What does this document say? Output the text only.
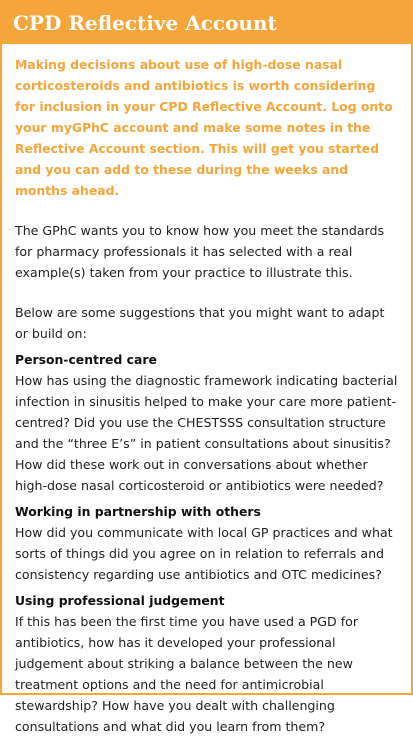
CPD Reflective Account

Making decisions about use of high-dose nasal corticosteroids and antibiotics is worth considering for inclusion in your CPD Reflective Account. Log onto your myGPhC account and make some notes in the Reflective Account section. This will get you started and you can add to these during the weeks and months ahead.

The GPhC wants you to know how you meet the standards for pharmacy professionals it has selected with a real example(s) taken from your practice to illustrate this.

Below are some suggestions that you might want to adapt or build on:

Person-centred care

How has using the diagnostic framework indicating bacterial infection in sinusitis helped to make your care more patient-centred? Did you use the CHESTSSS consultation structure and the “three E’s” in patient consultations about sinusitis? How did these work out in conversations about whether high-dose nasal corticosteroid or antibiotics were needed?

Working in partnership with others

How did you communicate with local GP practices and what sorts of things did you agree on in relation to referrals and consistency regarding use antibiotics and OTC medicines?

Using professional judgement

If this has been the first time you have used a PGD for antibiotics, how has it developed your professional judgement about striking a balance between the new treatment options and the need for antimicrobial stewardship? How have you dealt with challenging consultations and what did you learn from them?
